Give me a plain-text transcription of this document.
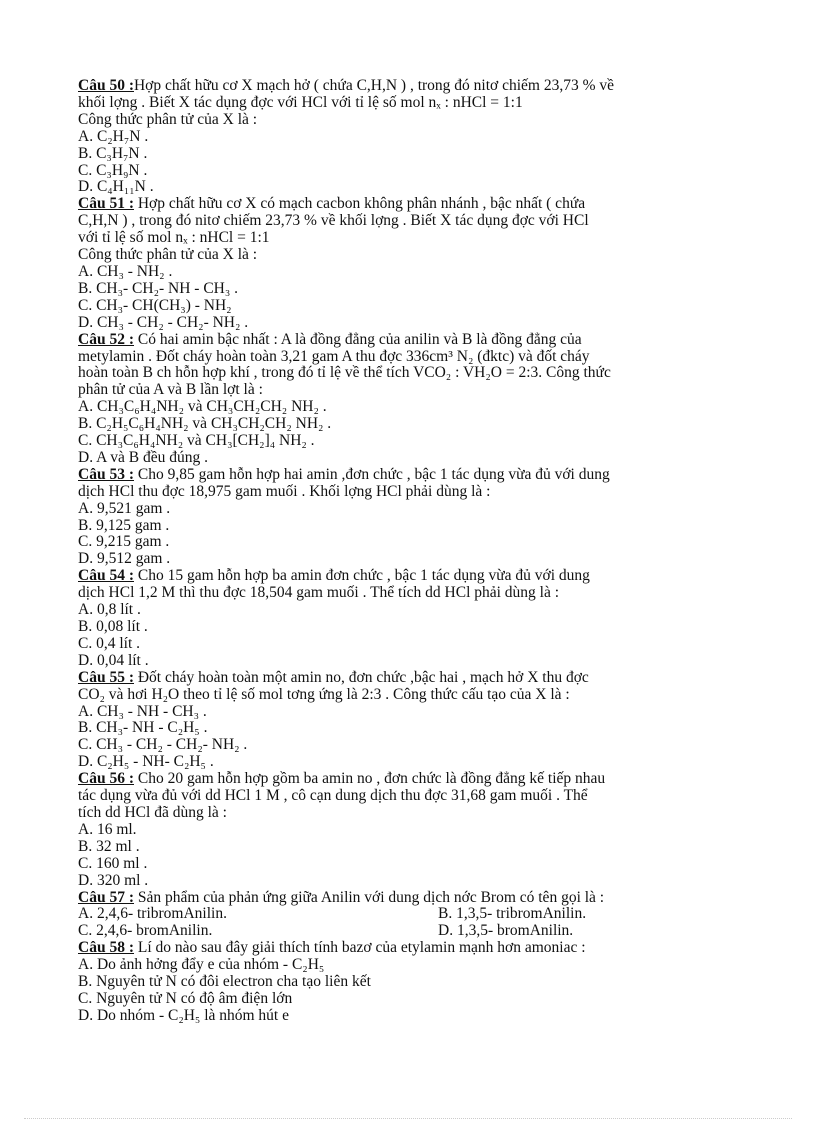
Câu 50 :Hợp chất hữu cơ X mạch hở ( chứa C,H,N ) , trong đó nitơ chiếm 23,73 % về
khối lợng . Biết X tác dụng đợc với HCl với tỉ lệ số mol nₓ : nHCl = 1:1
Công thức phân tử của X là :
A. C₂H₇N .
B. C₃H₇N .
C. C₃H₉N .
D. C₄H₁₁N .
Câu 51 : Hợp chất hữu cơ X có mạch cacbon không phân nhánh , bậc nhất ( chứa
C,H,N ) , trong đó nitơ chiếm 23,73 % về khối lợng . Biết X tác dụng đợc với HCl
với tỉ lệ số mol nₓ : nHCl = 1:1
Công thức phân tử của X là :
A. CH₃ - NH₂ .
B. CH₃- CH₂- NH - CH₃ .
C. CH₃- CH(CH₃) - NH₂
D. CH₃ - CH₂ - CH₂- NH₂ .
Câu 52 : Có hai amin bậc nhất : A là đồng đẳng của anilin và B là đồng đẳng của
metylamin . Đốt cháy hoàn toàn 3,21 gam A thu đợc 336cm³ N₂ (đktc) và đốt cháy
hoàn toàn B ch hỗn hợp khí , trong đó tỉ lệ về thể tích VCO₂ : VH₂O = 2:3. Công thức
phân tử của A và B lần lợt là :
A. CH₃C₆H₄NH₂ và CH₃CH₂CH₂ NH₂ .
B. C₂H₅C₆H₄NH₂ và CH₃CH₂CH₂ NH₂ .
C. CH₃C₆H₄NH₂ và CH₃[CH₂]₄ NH₂ .
D. A và B đều đúng .
Câu 53 : Cho 9,85 gam hỗn hợp hai amin ,đơn chức , bậc 1 tác dụng vừa đủ với dung
dịch HCl thu đợc 18,975 gam muối . Khối lợng HCl phải dùng là :
A. 9,521 gam .
B. 9,125 gam .
C. 9,215 gam .
D. 9,512 gam .
Câu 54 : Cho 15 gam hỗn hợp ba amin đơn chức , bậc 1 tác dụng vừa đủ với dung
dịch HCl 1,2 M thì thu đợc 18,504 gam muối . Thể tích dd HCl phải dùng là :
A. 0,8 lít .
B. 0,08 lít .
C. 0,4 lít .
D. 0,04 lít .
Câu 55 : Đốt cháy hoàn toàn một amin no, đơn chức ,bậc hai , mạch hở X thu đợc
CO₂ và hơi H₂O theo tỉ lệ số mol tơng ứng là 2:3 . Công thức cấu tạo của X là :
A. CH₃ - NH - CH₃ .
B. CH₃- NH - C₂H₅ .
C. CH₃ - CH₂ - CH₂- NH₂ .
D. C₂H₅ - NH- C₂H₅ .
Câu 56 : Cho 20 gam hỗn hợp gồm ba amin no , đơn chức là đồng đẳng kế tiếp nhau
tác dụng vừa đủ với dd HCl 1 M , cô cạn dung dịch thu đợc 31,68 gam muối . Thể
tích dd HCl đã dùng là :
A. 16 ml.
B. 32 ml .
C. 160 ml .
D. 320 ml .
Câu 57 : Sản phẩm của phản ứng giữa Anilin với dung dịch nớc Brom có tên gọi là :
A. 2,4,6- tribromAnilin.	B. 1,3,5- tribromAnilin.
C. 2,4,6- bromAnilin.	D. 1,3,5- bromAnilin.
Câu 58 : Lí do nào sau đây giải thích tính bazơ của etylamin mạnh hơn amoniac :
A. Do ảnh hởng đẩy e của nhóm - C₂H₅
B. Nguyên tử N có đôi electron cha tạo liên kết
C. Nguyên tử N có độ âm điện lớn
D. Do nhóm - C₂H₅ là nhóm hút e
